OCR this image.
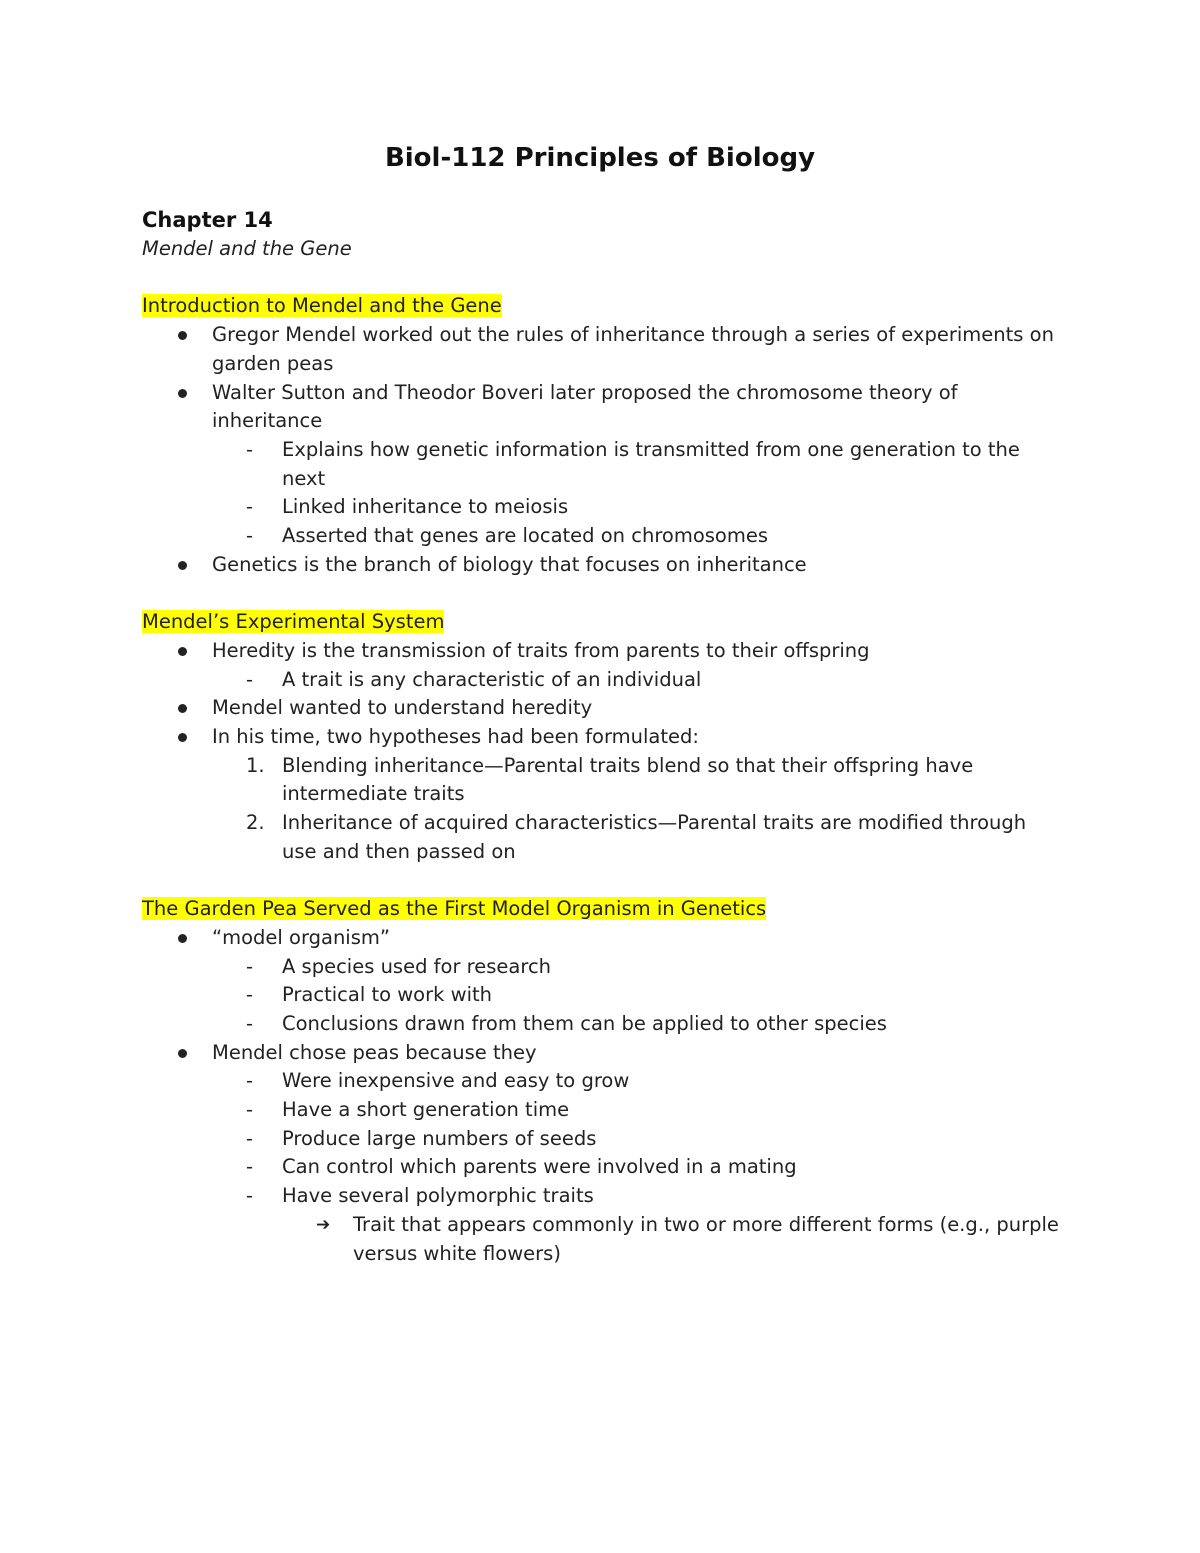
Biol-112 Principles of Biology
Chapter 14
Mendel and the Gene
Introduction to Mendel and the Gene
Gregor Mendel worked out the rules of inheritance through a series of experiments on garden peas
Walter Sutton and Theodor Boveri later proposed the chromosome theory of inheritance
- Explains how genetic information is transmitted from one generation to the next
- Linked inheritance to meiosis
- Asserted that genes are located on chromosomes
Genetics is the branch of biology that focuses on inheritance
Mendel’s Experimental System
Heredity is the transmission of traits from parents to their offspring
- A trait is any characteristic of an individual
Mendel wanted to understand heredity
In his time, two hypotheses had been formulated:
1. Blending inheritance—Parental traits blend so that their offspring have intermediate traits
2. Inheritance of acquired characteristics—Parental traits are modified through use and then passed on
The Garden Pea Served as the First Model Organism in Genetics
“model organism”
- A species used for research
- Practical to work with
- Conclusions drawn from them can be applied to other species
Mendel chose peas because they
- Were inexpensive and easy to grow
- Have a short generation time
- Produce large numbers of seeds
- Can control which parents were involved in a mating
- Have several polymorphic traits
➔ Trait that appears commonly in two or more different forms (e.g., purple versus white flowers)
